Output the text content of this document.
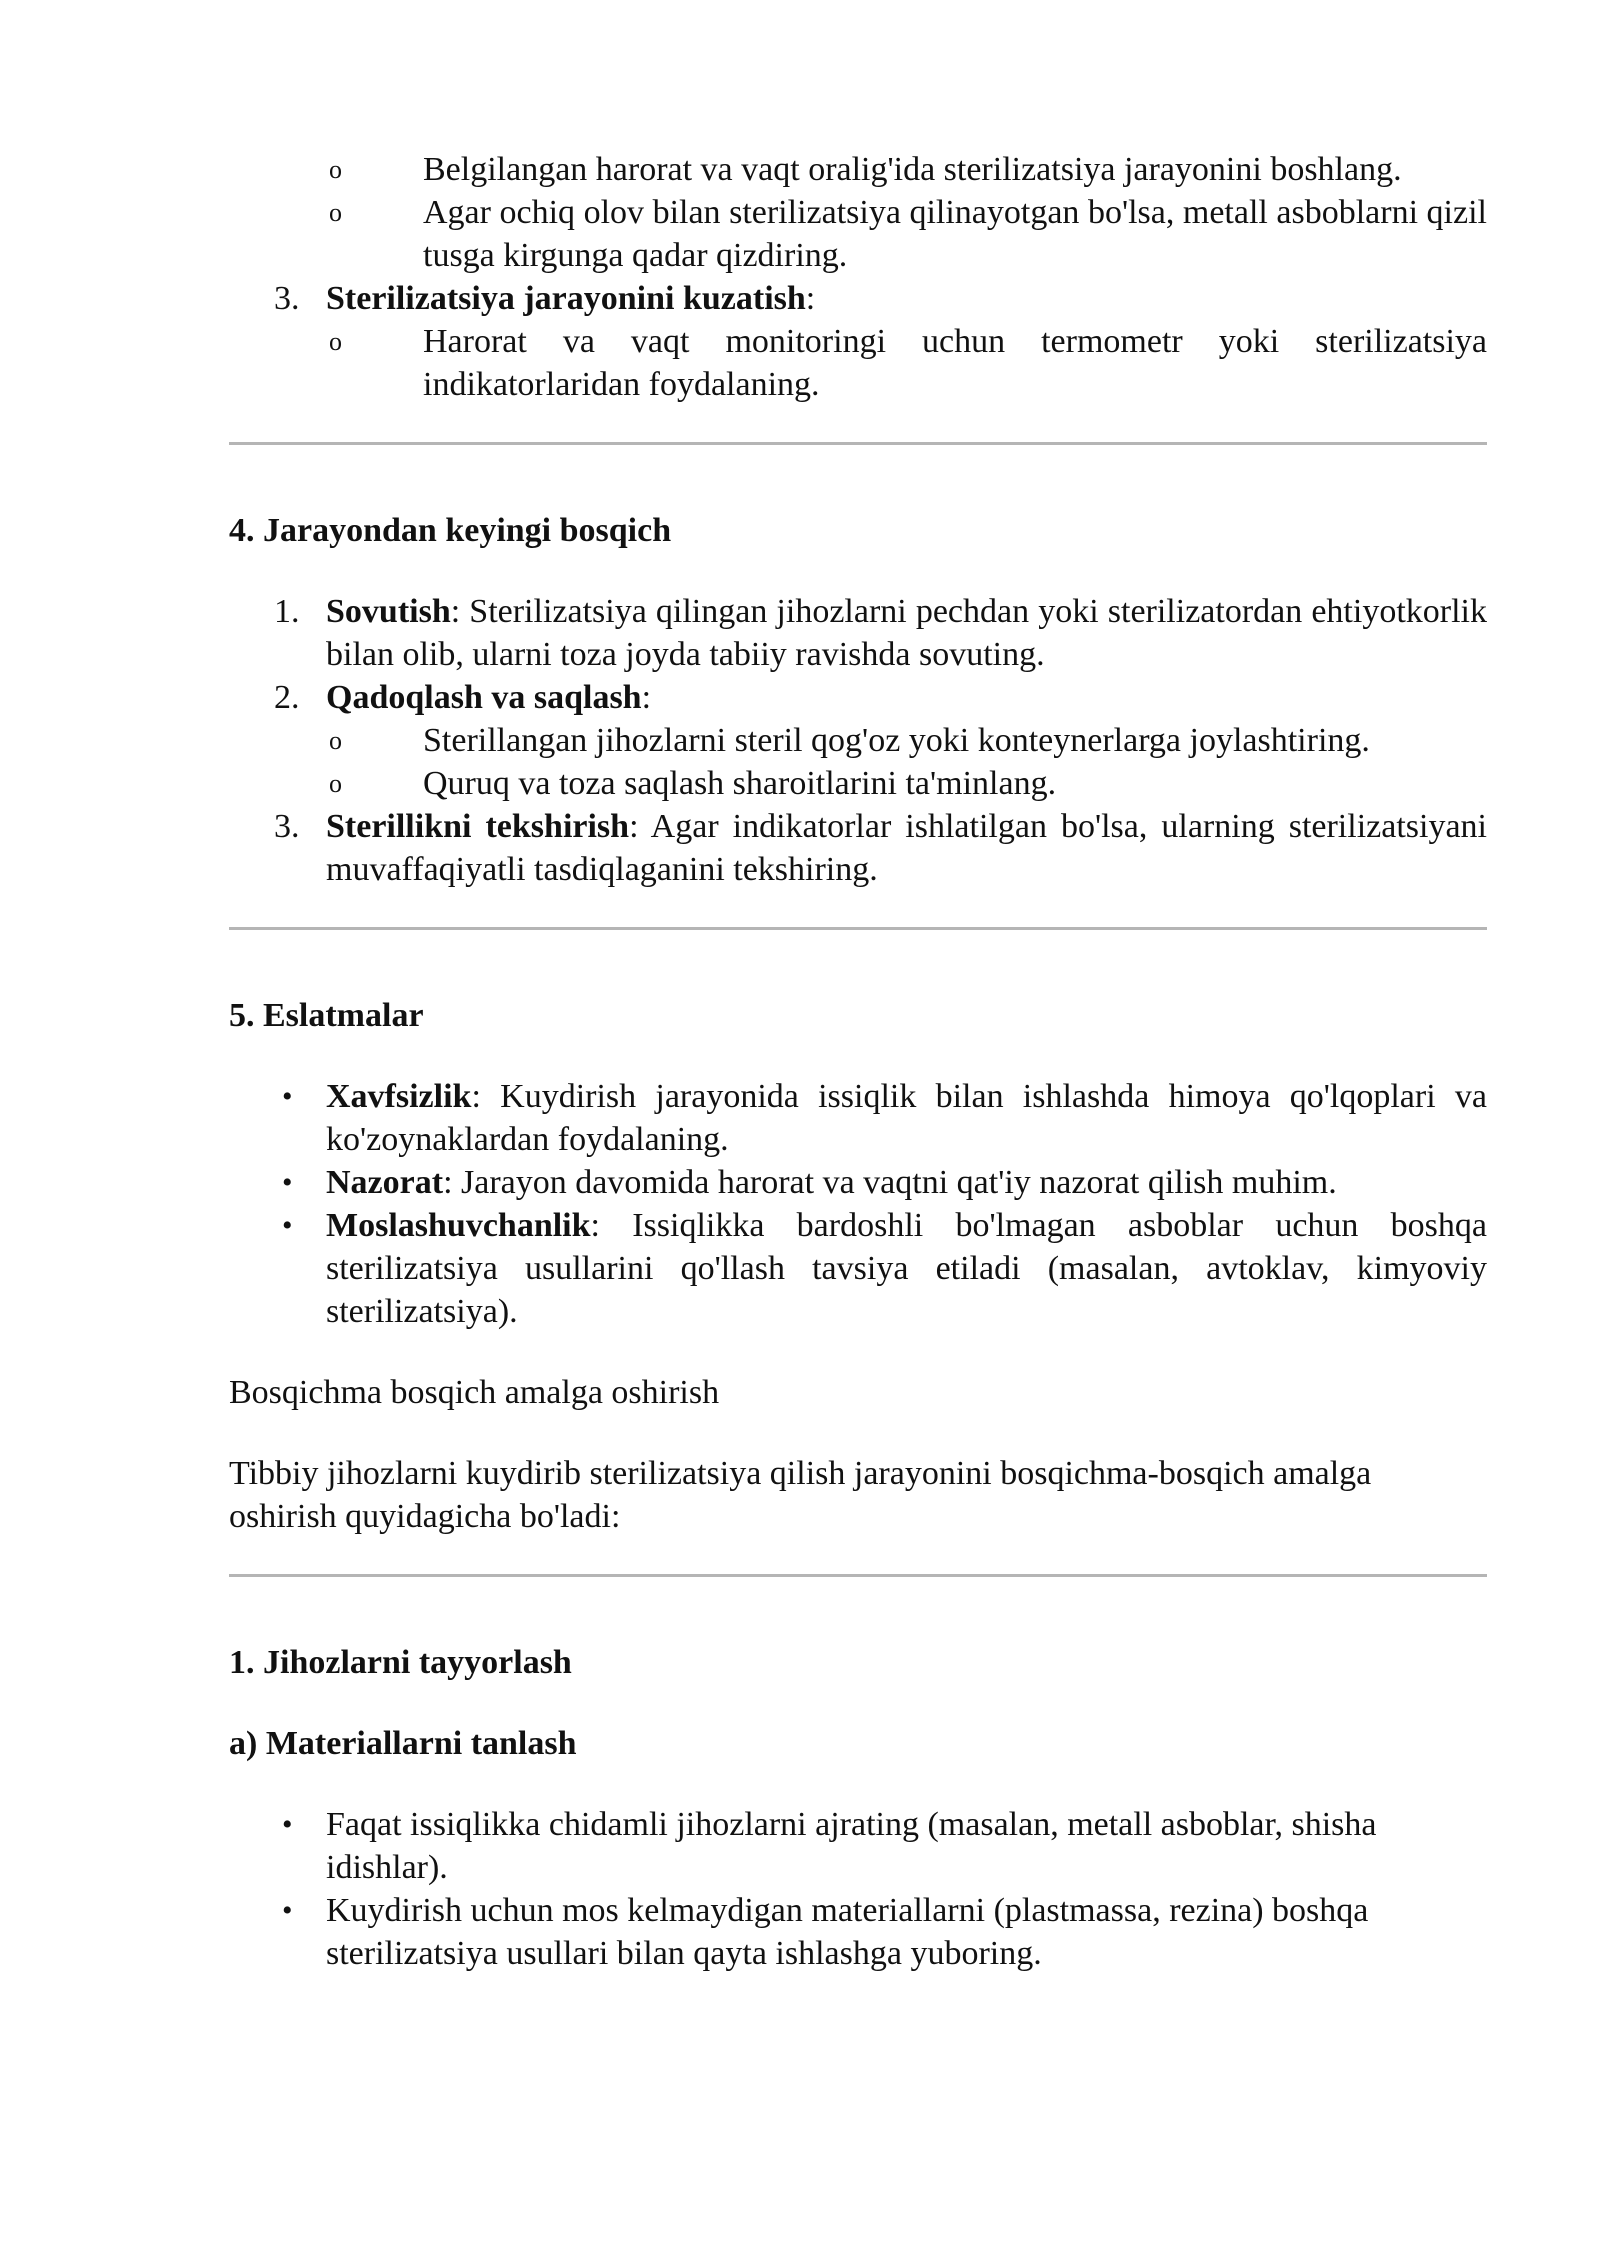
o Belgilangan harorat va vaqt oralig'ida sterilizatsiya jarayonini boshlang.

o Agar ochiq olov bilan sterilizatsiya qilinayotgan bo'lsa, metall asboblarni qizil tusga kirgunga qadar qizdiring.

3. Sterilizatsiya jarayonini kuzatish:

o Harorat va vaqt monitoringi uchun termometr yoki sterilizatsiya indikatorlaridan foydalaning.

4. Jarayondan keyingi bosqich
1. Sovutish: Sterilizatsiya qilingan jihozlarni pechdan yoki sterilizatordan ehtiyotkorlik bilan olib, ularni toza joyda tabiiy ravishda sovuting.

2. Qadoqlash va saqlash:

o Sterillangan jihozlarni steril qog'oz yoki konteynerlarga joylashtiring.

o Quruq va toza saqlash sharoitlarini ta'minlang.

3. Sterillikni tekshirish: Agar indikatorlar ishlatilgan bo'lsa, ularning sterilizatsiyani muvaffaqiyatli tasdiqlaganini tekshiring.

5. Eslatmalar
• Xavfsizlik: Kuydirish jarayonida issiqlik bilan ishlashda himoya qo'lqoplari va ko'zoynaklardan foydalaning.

• Nazorat: Jarayon davomida harorat va vaqtni qat'iy nazorat qilish muhim.

• Moslashuvchanlik: Issiqlikka bardoshli bo'lmagan asboblar uchun boshqa sterilizatsiya usullarini qo'llash tavsiya etiladi (masalan, avtoklav, kimyoviy sterilizatsiya).

Bosqichma bosqich amalga oshirish

Tibbiy jihozlarni kuydirib sterilizatsiya qilish jarayonini bosqichma-bosqich amalga oshirish quyidagicha bo'ladi:

1. Jihozlarni tayyorlash
a) Materiallarni tanlash
• Faqat issiqlikka chidamli jihozlarni ajrating (masalan, metall asboblar, shisha idishlar).

• Kuydirish uchun mos kelmaydigan materiallarni (plastmassa, rezina) boshqa sterilizatsiya usullari bilan qayta ishlashga yuboring.
